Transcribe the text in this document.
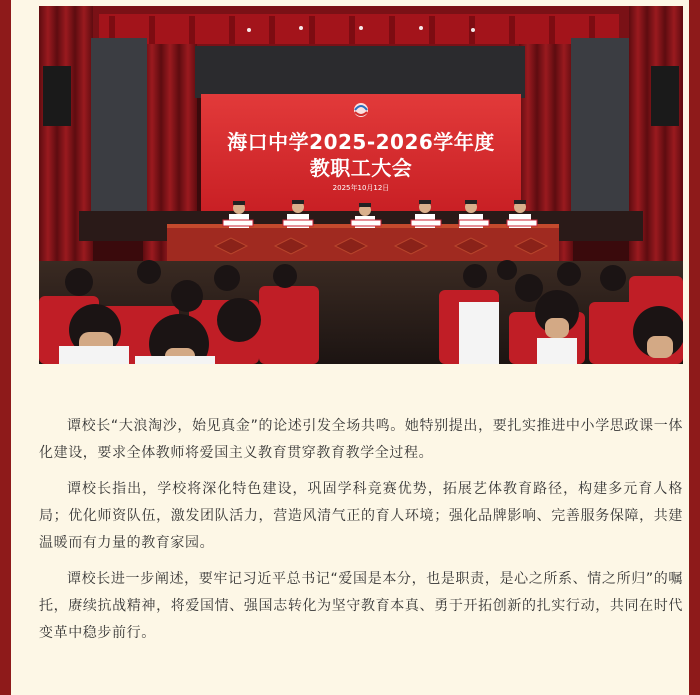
海口中学2025-2026学年度
教职工大会
2025年10月12日

谭校长“大浪淘沙，始见真金”的论述引发全场共鸣。她特别提出，要扎实推进中小学思政课一体化建设，要求全体教师将爱国主义教育贯穿教育教学全过程。

谭校长指出，学校将深化特色建设，巩固学科竞赛优势，拓展艺体教育路径，构建多元育人格局；优化师资队伍，激发团队活力，营造风清气正的育人环境；强化品牌影响、完善服务保障，共建温暖而有力量的教育家园。

谭校长进一步阐述，要牢记习近平总书记“爱国是本分，也是职责，是心之所系、情之所归”的嘱托，赓续抗战精神，将爱国情、强国志转化为坚守教育本真、勇于开拓创新的扎实行动，共同在时代变革中稳步前行。
